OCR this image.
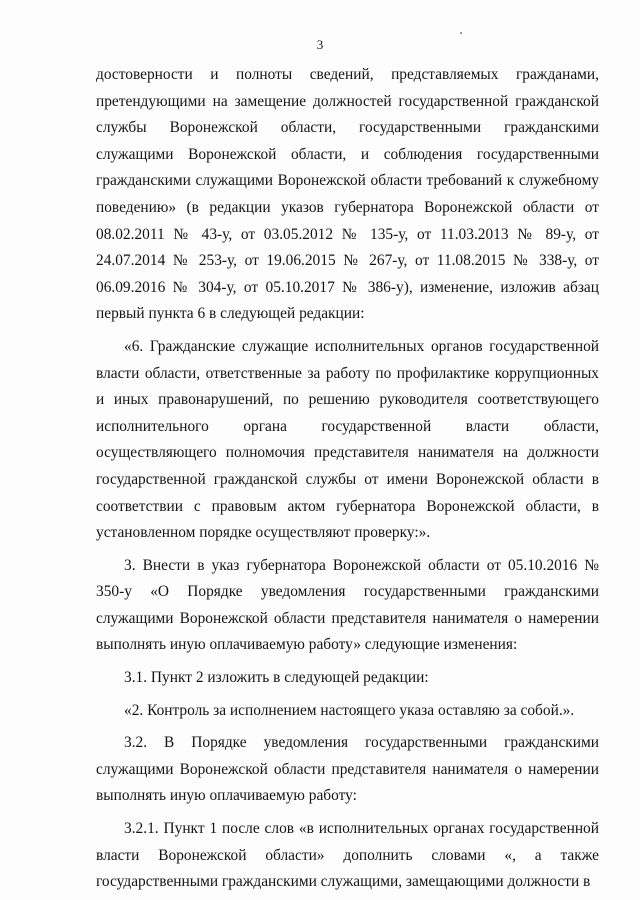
3

достоверности и полноты сведений, представляемых гражданами, претендующими на замещение должностей государственной гражданской службы Воронежской области, государственными гражданскими служащими Воронежской области, и соблюдения государственными гражданскими служащими Воронежской области требований к служебному поведению» (в редакции указов губернатора Воронежской области от 08.02.2011 № 43-у, от 03.05.2012 № 135-у, от 11.03.2013 № 89-у, от 24.07.2014 № 253-у, от 19.06.2015 № 267-у, от 11.08.2015 № 338-у, от 06.09.2016 № 304-у, от 05.10.2017 № 386-у), изменение, изложив абзац первый пункта 6 в следующей редакции:

«6. Гражданские служащие исполнительных органов государственной власти области, ответственные за работу по профилактике коррупционных и иных правонарушений, по решению руководителя соответствующего исполнительного органа государственной власти области, осуществляющего полномочия представителя нанимателя на должности государственной гражданской службы от имени Воронежской области в соответствии с правовым актом губернатора Воронежской области, в установленном порядке осуществляют проверку:».

3. Внести в указ губернатора Воронежской области от 05.10.2016 № 350-у «О Порядке уведомления государственными гражданскими служащими Воронежской области представителя нанимателя о намерении выполнять иную оплачиваемую работу» следующие изменения:

3.1. Пункт 2 изложить в следующей редакции:

«2. Контроль за исполнением настоящего указа оставляю за собой.».

3.2. В Порядке уведомления государственными гражданскими служащими Воронежской области представителя нанимателя о намерении выполнять иную оплачиваемую работу:

3.2.1. Пункт 1 после слов «в исполнительных органах государственной власти Воронежской области» дополнить словами «, а также государственными гражданскими служащими, замещающими должности в
